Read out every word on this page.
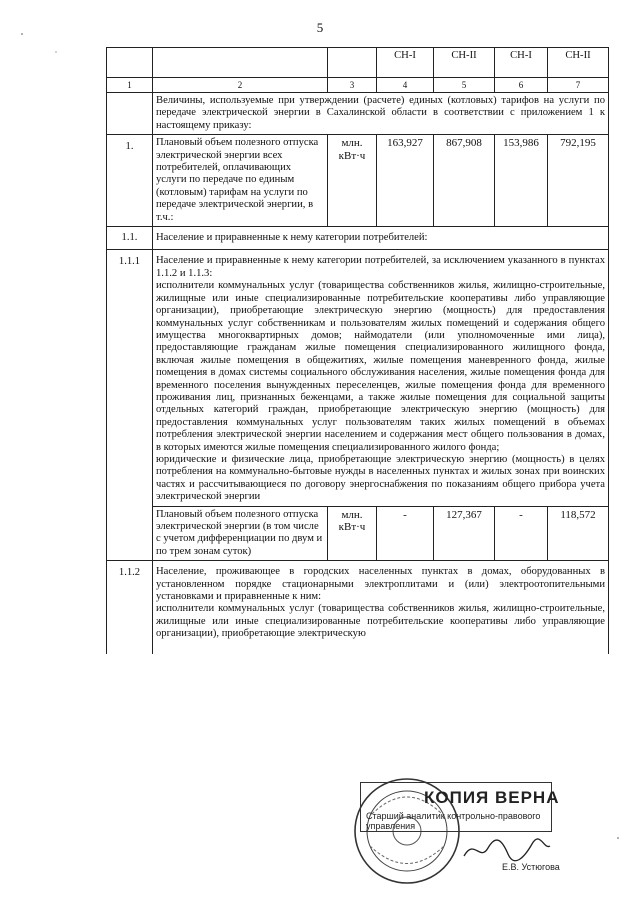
5
			СН-I	СН-II	СН-I	СН-II
1	2	3	4	5	6	7
	Величины, используемые при утверждении (расчете) единых (котловых) тарифов на услуги по передаче электрической энергии в Сахалинской области в соответствии с приложением 1 к настоящему приказу:					
1.	Плановый объем полезного отпуска электрической энергии всех потребителей, оплачивающих услуги по передаче по единым (котловым) тарифам на услуги по передаче электрической энергии, в т.ч.:	млн. кВт·ч	163,927	867,908	153,986	792,195
1.1.	Население и приравненные к нему категории потребителей:					
1.1.1	Население и приравненные к нему категории потребителей, за исключением указанного в пунктах 1.1.2 и 1.1.3:

исполнители коммунальных услуг (товарищества собственников жилья, жилищно-строительные, жилищные или иные специализированные потребительские кооперативы либо управляющие организации), приобретающие электрическую энергию (мощность) для предоставления коммунальных услуг собственникам и пользователям жилых помещений и содержания общего имущества многоквартирных домов; наймодатели (или уполномоченные ими лица), предоставляющие гражданам жилые помещения специализированного жилищного фонда, включая жилые помещения в общежитиях, жилые помещения маневренного фонда, жилые помещения в домах системы социального обслуживания населения, жилые помещения фонда для временного поселения вынужденных переселенцев, жилые помещения фонда для временного проживания лиц, признанных беженцами, а также жилые помещения для социальной защиты отдельных категорий граждан, приобретающие электрическую энергию (мощность) для предоставления коммунальных услуг пользователям таких жилых помещений в объемах потребления электрической энергии населением и содержания мест общего пользования в домах, в которых имеются жилые помещения специализированного жилого фонда;

юридические и физические лица, приобретающие электрическую энергию (мощность) в целях потребления на коммунально-бытовые нужды в населенных пунктах и жилых зонах при воинских частях и рассчитывающиеся по договору энергоснабжения по показаниям общего прибора учета электрической энергии					

	Плановый объем полезного отпуска электрической энергии (в том числе с учетом дифференциации по двум и по трем зонам суток)	млн. кВт·ч	-	127,367	-	118,572
1.1.2	Население, проживающее в городских населенных пунктах в домах, оборудованных в установленном порядке стационарными электроплитами и (или) электроотопительными установками и приравненные к ним:

исполнители коммунальных услуг (товарищества собственников жилья, жилищно-строительные, жилищные или иные специализированные потребительские кооперативы либо управляющие организации), приобретающие электрическую					

КОПИЯ ВЕРНА
Старший аналитик контрольно-правового управления
Е.В. Устюгова
